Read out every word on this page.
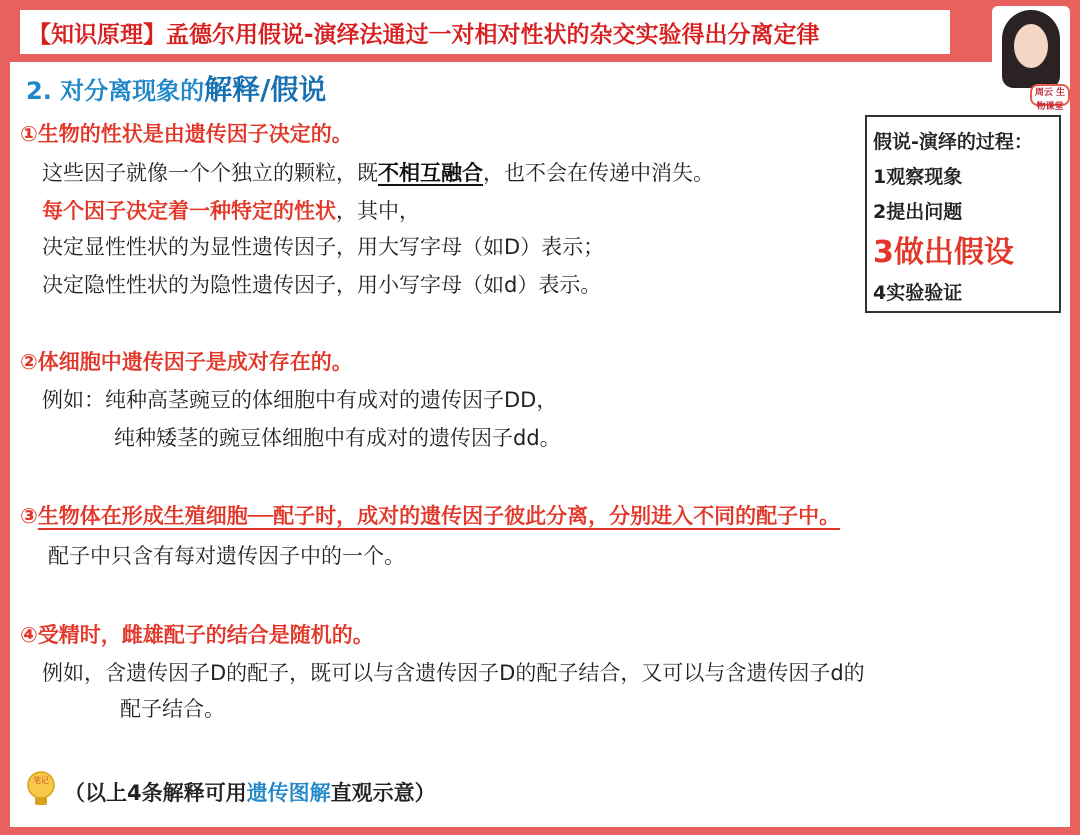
【知识原理】孟德尔用假说-演绎法通过一对相对性状的杂交实验得出分离定律
2. 对分离现象的解释/假说
①生物的性状是由遗传因子决定的。
这些因子就像一个个独立的颗粒，既不相互融合，也不会在传递中消失。
每个因子决定着一种特定的性状，其中，
决定显性性状的为显性遗传因子，用大写字母（如D）表示；
决定隐性性状的为隐性遗传因子，用小写字母（如d）表示。
②体细胞中遗传因子是成对存在的。
例如：纯种高茎豌豆的体细胞中有成对的遗传因子DD，
纯种矮茎的豌豆体细胞中有成对的遗传因子dd。
③生物体在形成生殖细胞──配子时，成对的遗传因子彼此分离，分别进入不同的配子中。
配子中只含有每对遗传因子中的一个。
④受精时，雌雄配子的结合是随机的。
例如，含遗传因子D的配子，既可以与含遗传因子D的配子结合，又可以与含遗传因子d的
配子结合。
假说-演绎的过程：
1观察现象
2提出问题
3做出假设
4实验验证
笔记
（以上4条解释可用遗传图解直观示意）
周云 生物课堂
